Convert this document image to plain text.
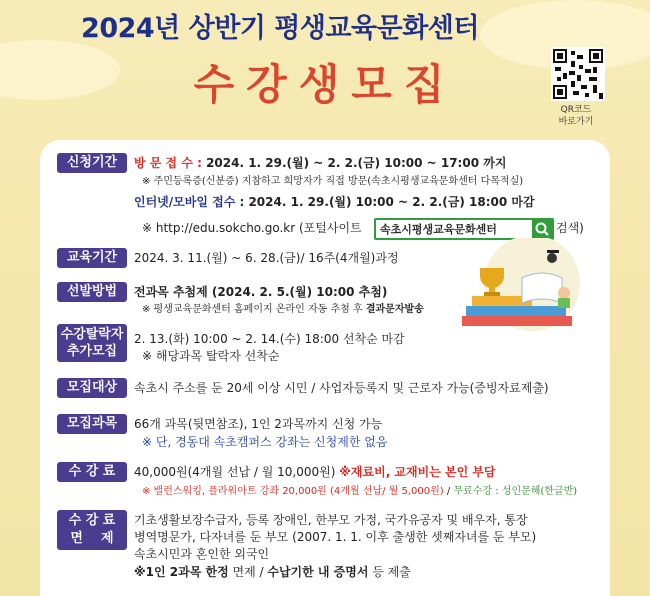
2024년 상반기 평생교육문화센터
수강생모집
QR코드
바로가기
신청기간	방 문 접 수 : 2024. 1. 29.(월) ~ 2. 2.(금) 10:00 ~ 17:00 까지
※ 주민등록증(신분증) 지참하고 희망자가 직접 방문(속초시평생교육문화센터 다목적실)
인터넷/모바일 접수 : 2024. 1. 29.(월) 10:00 ~ 2. 2.(금) 18:00 마감
※ http://edu.sokcho.go.kr (포털사이트 속초시평생교육문화센터	검색)
교육기간	2024. 3. 11.(월) ~ 6. 28.(금)/ 16주(4개월)과정
선발방법	전과목 추첨제 (2024. 2. 5.(월) 10:00 추첨)
※ 평생교육문화센터 홈페이지 온라인 자동 추첨 후 결과문자발송
수강탈락자
추가모집
2. 13.(화) 10:00 ~ 2. 14.(수) 18:00 선착순 마감
※ 해당과목 탈락자 선착순
모집대상	속초시 주소를 둔 20세 이상 시민 / 사업자등록지 및 근로자 가능(증빙자료제출)
모집과목	66개 과목(뒷면참조), 1인 2과목까지 신청 가능
※ 단, 경동대 속초캠퍼스 강좌는 신청제한 없음
수 강 료	40,000원(4개월 선납 / 월 10,000원) ※재료비, 교재비는 본인 부담
※ 밸런스워킹, 플라워아트 강좌 20,000원 (4개월 선납/ 월 5,000원) / 무료수강 : 성인문해(한글반)
수 강 료
면    제
기초생활보장수급자, 등록 장애인, 한부모 가정, 국가유공자 및 배우자, 통장
병역명문가, 다자녀를 둔 부모 (2007. 1. 1. 이후 출생한 셋째자녀를 둔 부모)
속초시민과 혼인한 외국인
※1인 2과목 한정 면제 / 수납기한 내 증명서 등 제출
